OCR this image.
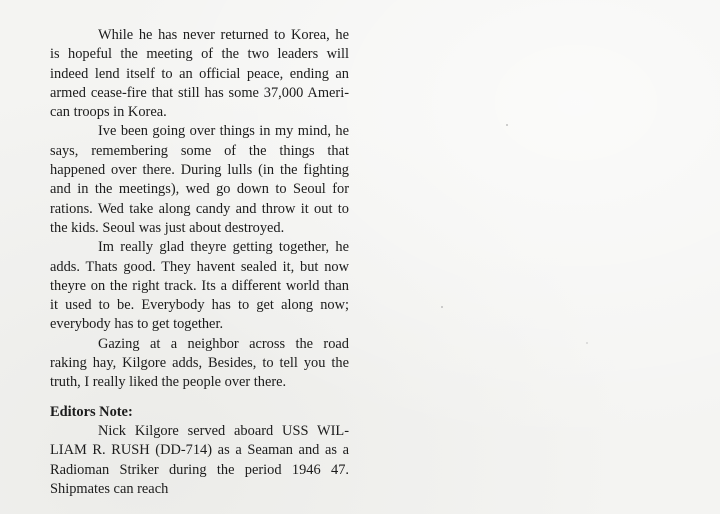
While he has never returned to Korea, he
is hopeful the meeting of the two leaders will
indeed lend itself to an official peace, ending an
armed cease-fire that still has some 37,000 Ameri-
can troops in Korea.
Ive been going over things in my mind, he
says, remembering some of the things that
happened over there. During lulls (in the fighting
and in the meetings), wed go down to Seoul for
rations. Wed take along candy and throw it out to
the kids. Seoul was just about destroyed.
Im really glad theyre getting together, he
adds. Thats good. They havent sealed it, but now
theyre on the right track. Its a different world than
it used to be. Everybody has to get along now;
everybody has to get together.
Gazing at a neighbor across the road
raking hay, Kilgore adds, Besides, to tell you the
truth, I really liked the people over there.
Editors Note:
Nick Kilgore served aboard USS WIL-
LIAM R. RUSH (DD-714) as a Seaman and as a
Radioman Striker during the period 1946 47.
Shipmates can reach
